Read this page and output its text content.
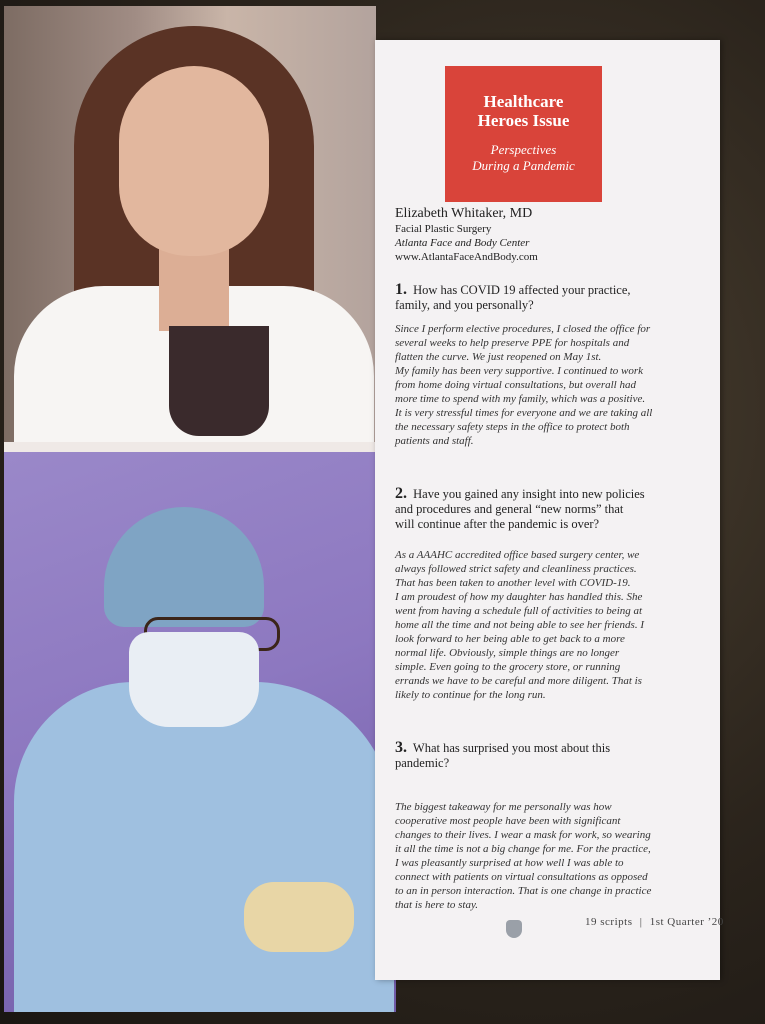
Healthcare
Heroes Issue
Perspectives
During a Pandemic
Elizabeth Whitaker, MD
Facial Plastic Surgery
Atlanta Face and Body Center
www.AtlantaFaceAndBody.com
1. How has COVID 19 affected your practice, family, and you personally?

Since I perform elective procedures, I closed the office for several weeks to help preserve PPE for hospitals and flatten the curve. We just reopened on May 1st.

My family has been very supportive. I continued to work from home doing virtual consultations, but overall had more time to spend with my family, which was a positive.

It is very stressful times for everyone and we are taking all the necessary safety steps in the office to protect both patients and staff.

2. Have you gained any insight into new policies and procedures and general “new norms” that will continue after the pandemic is over?

As a AAAHC accredited office based surgery center, we always followed strict safety and cleanliness practices. That has been taken to another level with COVID-19.

I am proudest of how my daughter has handled this. She went from having a schedule full of activities to being at home all the time and not being able to see her friends. I look forward to her being able to get back to a more normal life. Obviously, simple things are no longer simple. Even going to the grocery store, or running errands we have to be careful and more diligent. That is likely to continue for the long run.

3. What has surprised you most about this pandemic?

The biggest takeaway for me personally was how cooperative most people have been with significant changes to their lives. I wear a mask for work, so wearing it all the time is not a big change for me. For the practice, I was pleasantly surprised at how well I was able to connect with patients on virtual consultations as opposed to an in person interaction. That is one change in practice that is here to stay.

19 scripts | 1st Quarter ’20
